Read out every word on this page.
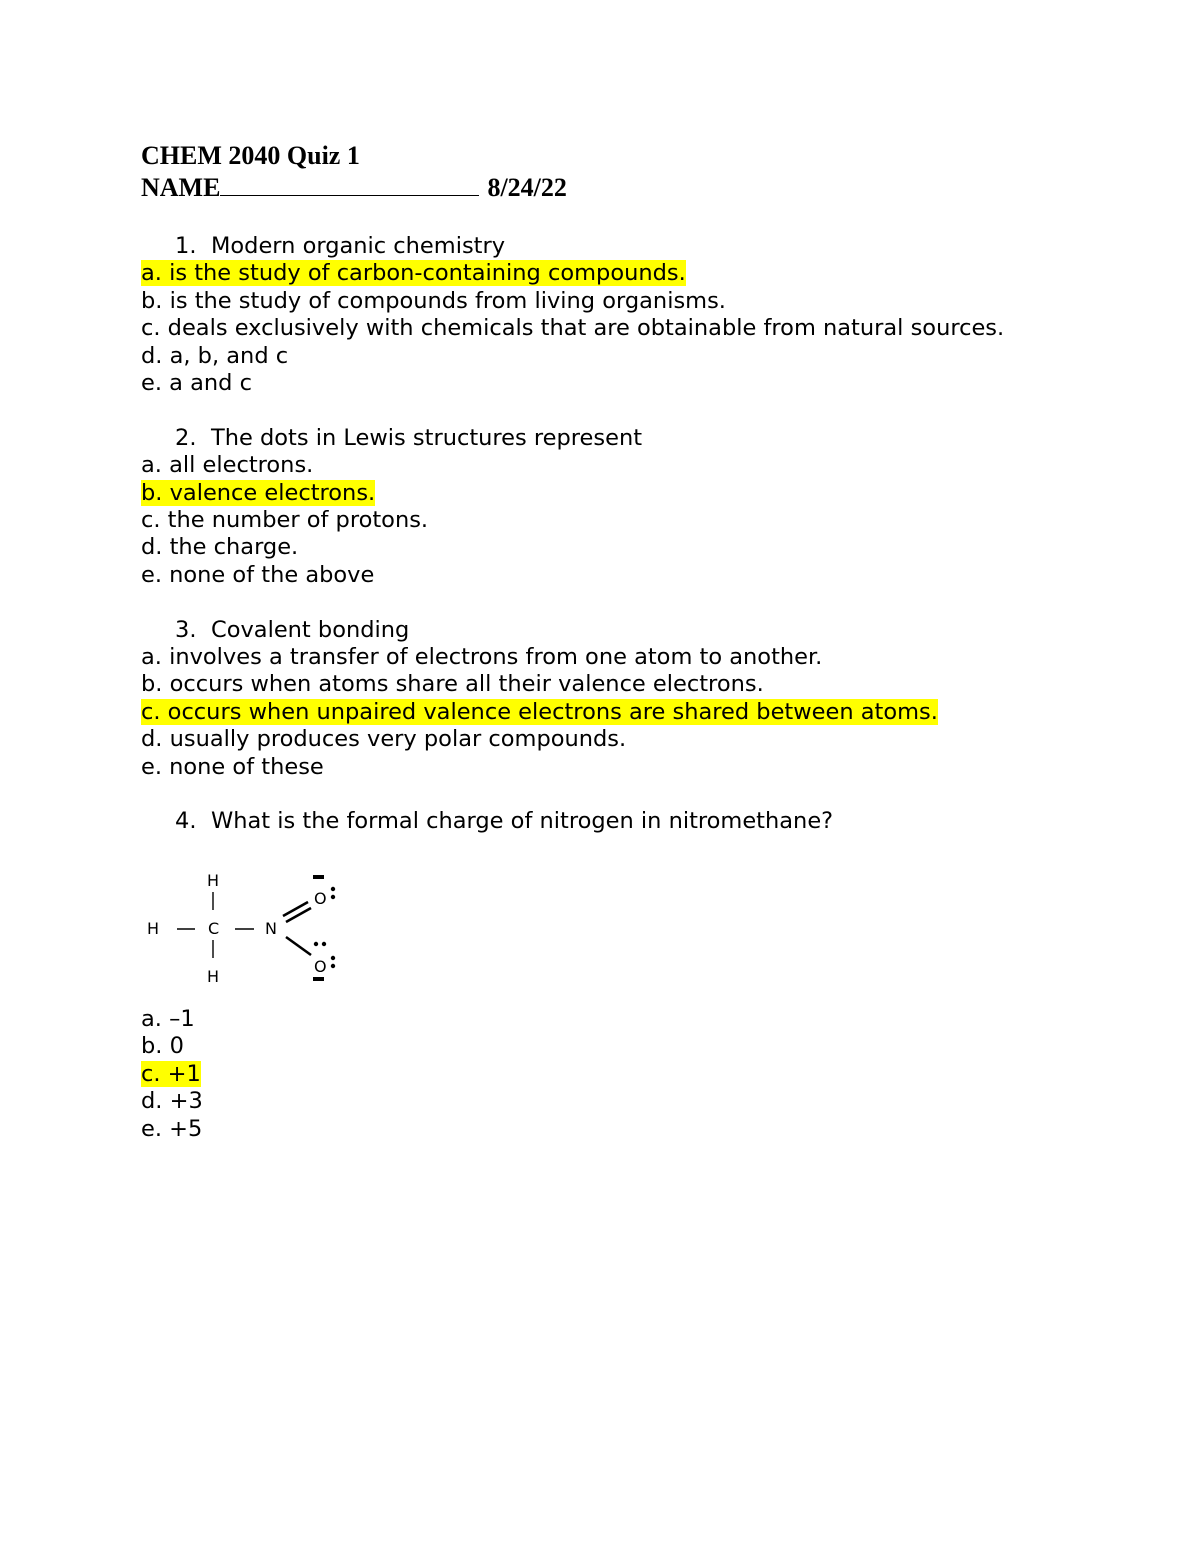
CHEM 2040 Quiz 1
NAME	8/24/22
1. Modern organic chemistry
a. is the study of carbon-containing compounds.
b. is the study of compounds from living organisms.
c. deals exclusively with chemicals that are obtainable from natural sources.
d. a, b, and c
e. a and c
2. The dots in Lewis structures represent
a. all electrons.
b. valence electrons.
c. the number of protons.
d. the charge.
e. none of the above
3. Covalent bonding
a. involves a transfer of electrons from one atom to another.
b. occurs when atoms share all their valence electrons.
c. occurs when unpaired valence electrons are shared between atoms.
d. usually produces very polar compounds.
e. none of these
4. What is the formal charge of nitrogen in nitromethane?
H
H	C	N
H
O
O
a. –1
b. 0
c. +1
d. +3
e. +5
